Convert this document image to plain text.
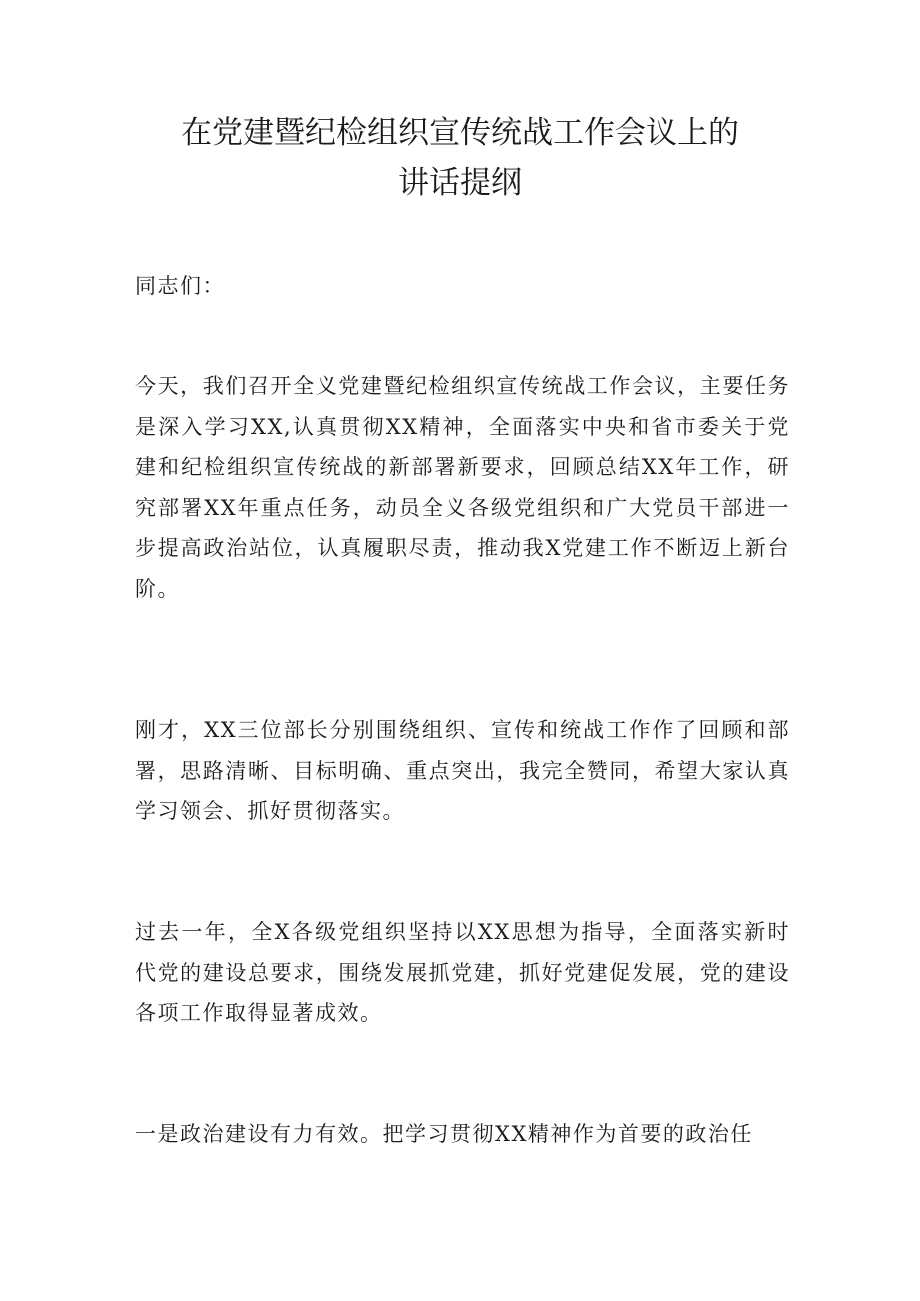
在党建暨纪检组织宣传统战工作会议上的
讲话提纲

同志们：

今天，我们召开全义党建暨纪检组织宣传统战工作会议，主要任务是深入学习XX,认真贯彻XX精神，全面落实中央和省市委关于党建和纪检组织宣传统战的新部署新要求，回顾总结XX年工作，研究部署XX年重点任务，动员全义各级党组织和广大党员干部进一步提高政治站位，认真履职尽责，推动我X党建工作不断迈上新台阶。

刚才，XX三位部长分别围绕组织、宣传和统战工作作了回顾和部署，思路清晰、目标明确、重点突出，我完全赞同，希望大家认真学习领会、抓好贯彻落实。

过去一年，全X各级党组织坚持以XX思想为指导，全面落实新时代党的建设总要求，围绕发展抓党建，抓好党建促发展，党的建设各项工作取得显著成效。

一是政治建设有力有效。把学习贯彻XX精神作为首要的政治任
